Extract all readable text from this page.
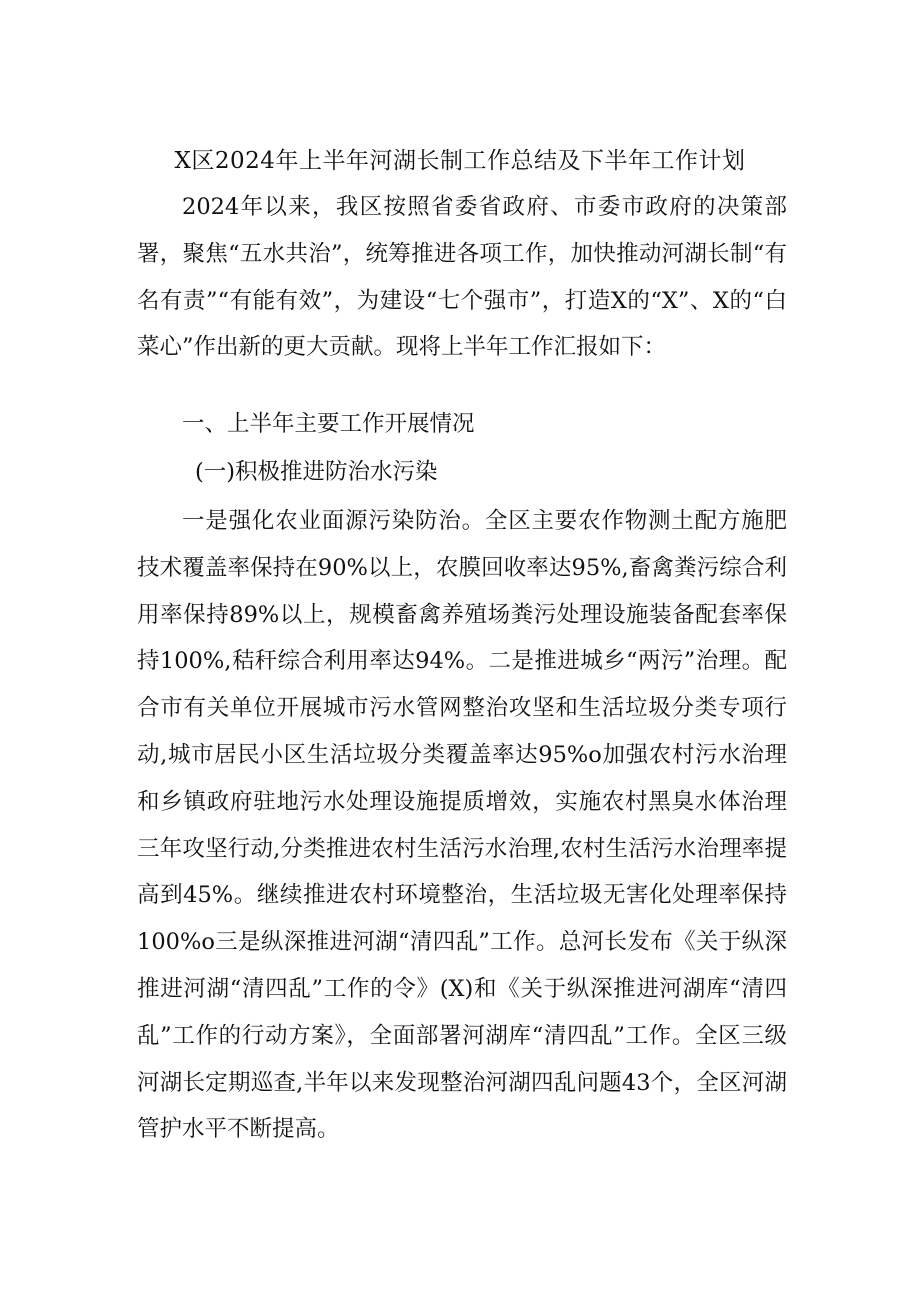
X区2024年上半年河湖长制工作总结及下半年工作计划
2024年以来，我区按照省委省政府、市委市政府的决策部署，聚焦“五水共治”，统筹推进各项工作，加快推动河湖长制“有名有责”“有能有效”，为建设“七个强市”，打造X的“X”、X的“白菜心”作出新的更大贡献。现将上半年工作汇报如下：
一、上半年主要工作开展情况
(一)积极推进防治水污染
一是强化农业面源污染防治。全区主要农作物测土配方施肥技术覆盖率保持在90%以上，农膜回收率达95%,畜禽粪污综合利用率保持89%以上，规模畜禽养殖场粪污处理设施装备配套率保持100%,秸秆综合利用率达94%。二是推进城乡“两污”治理。配合市有关单位开展城市污水管网整治攻坚和生活垃圾分类专项行动,城市居民小区生活垃圾分类覆盖率达95%o加强农村污水治理和乡镇政府驻地污水处理设施提质增效，实施农村黑臭水体治理三年攻坚行动,分类推进农村生活污水治理,农村生活污水治理率提高到45%。继续推进农村环境整治，生活垃圾无害化处理率保持100%o三是纵深推进河湖“清四乱”工作。总河长发布《关于纵深推进河湖“清四乱”工作的令》(X)和《关于纵深推进河湖库“清四乱”工作的行动方案》，全面部署河湖库“清四乱”工作。全区三级河湖长定期巡查,半年以来发现整治河湖四乱问题43个，全区河湖管护水平不断提高。
